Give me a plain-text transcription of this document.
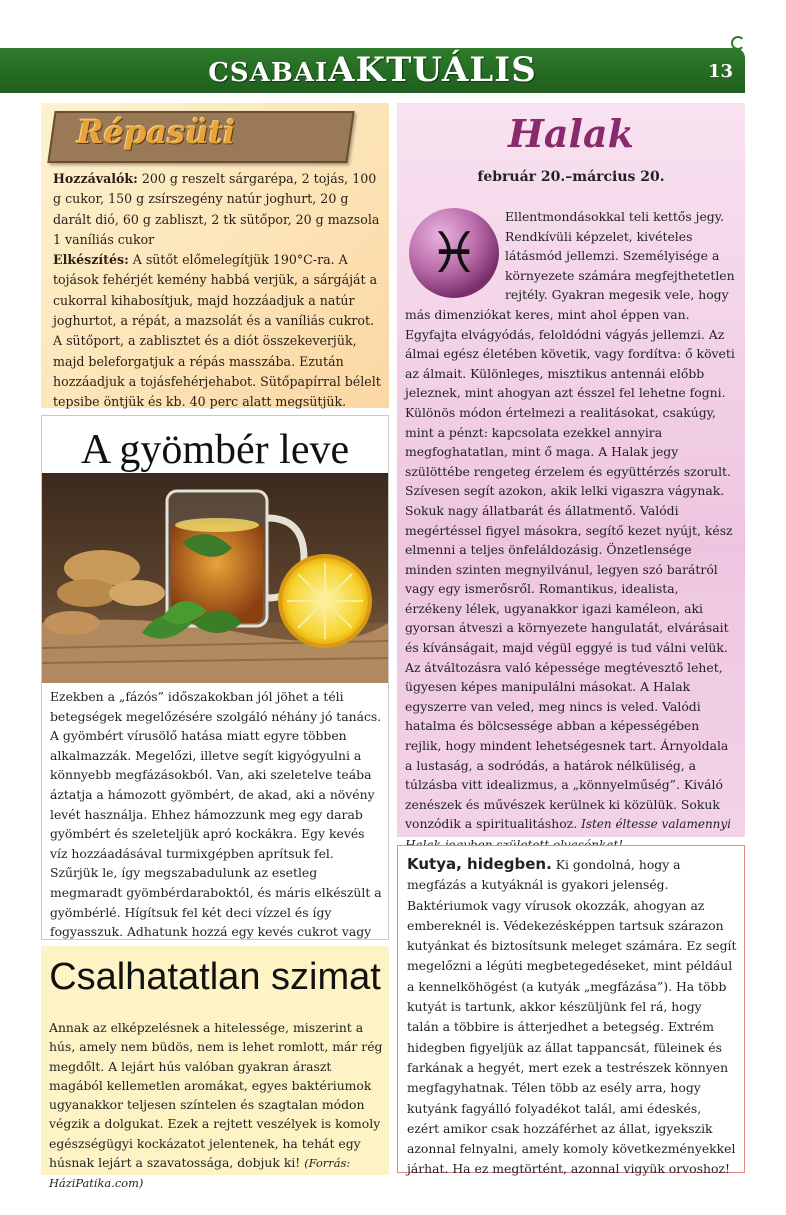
CSABAIAKTUÁLIS	13
Répasüti
Hozzávalók: 200 g reszelt sárgarépa, 2 tojás, 100 g cukor, 150 g zsírszegény natúr joghurt, 20 g darált dió, 60 g zabliszt, 2 tk sütőpor, 20 g mazsola
1 vaníliás cukor
Elkészítés: A sütőt előmelegítjük 190°C-ra. A tojások fehérjét kemény habbá verjük, a sárgáját a cukorral kihabosítjuk, majd hozzáadjuk a natúr joghurtot, a répát, a mazsolát és a vaníliás cukrot. A sütőport, a zablisztet és a diót összekeverjük, majd beleforgatjuk a répás masszába. Ezután hozzáadjuk a tojásfehérjehabot. Sütőpapírral bélelt tepsibe öntjük és kb. 40 perc alatt megsütjük.
A gyömbér leve
Ezekben a „fázós” időszakokban jól jöhet a téli betegségek megelőzésére szolgáló néhány jó tanács. A gyömbért vírusölő hatása miatt egyre többen alkalmazzák. Megelőzi, illetve segít kigyógyulni a könnyebb megfázásokból. Van, aki szeletelve teába áztatja a hámozott gyömbért, de akad, aki a növény levét használja. Ehhez hámozzunk meg egy darab gyömbért és szeleteljük apró kockákra. Egy kevés víz hozzáadásával turmixgépben aprítsuk fel. Szűrjük le, így megszabadulunk az esetleg megmaradt gyömbérdaraboktól, és máris elkészült a gyömbérlé. Hígítsuk fel két deci vízzel és így fogyasszuk. Adhatunk hozzá egy kevés cukrot vagy
Csalhatatlan szimat
Annak az elképzelésnek a hitelessége, miszerint a hús, amely nem büdös, nem is lehet romlott, már rég megdőlt. A lejárt hús valóban gyakran áraszt magából kellemetlen aromákat, egyes baktériumok ugyanakkor teljesen színtelen és szagtalan módon végzik a dolgukat. Ezek a rejtett veszélyek is komoly egészségügyi kockázatot jelentenek, ha tehát egy húsnak lejárt a szavatossága, dobjuk ki! (Forrás: HáziPatika.com)
Halak
február 20.–március 20.
♓
Ellentmondásokkal teli kettős jegy. Rendkívüli képzelet, kivételes látásmód jellemzi. Személyisége a környezete számára megfejthetetlen rejtély. Gyakran megesik vele, hogy más dimenziókat keres, mint ahol éppen van. Egyfajta elvágyódás, feloldódni vágyás jellemzi. Az álmai egész életében követik, vagy fordítva: ő követi az álmait. Különleges, misztikus antennái előbb jeleznek, mint ahogyan azt ésszel fel lehetne fogni. Különös módon értelmezi a realitásokat, csakúgy, mint a pénzt: kapcsolata ezekkel annyira megfoghatatlan, mint ő maga. A Halak jegy szülöttébe rengeteg érzelem és együttérzés szorult. Szívesen segít azokon, akik lelki vigaszra vágynak. Sokuk nagy állatbarát és állatmentő. Valódi megértéssel figyel másokra, segítő kezet nyújt, kész elmenni a teljes önfeláldozásig. Önzetlensége minden szinten megnyilvánul, legyen szó barátról vagy egy ismerősről. Romantikus, idealista, érzékeny lélek, ugyanakkor igazi kaméleon, aki gyorsan átveszi a környezete hangulatát, elvárásait és kívánságait, majd végül eggyé is tud válni velük. Az átváltozásra való képessége megtévesztő lehet, ügyesen képes manipulálni másokat. A Halak egyszerre van veled, meg nincs is veled. Valódi hatalma és bölcsessége abban a képességében rejlik, hogy mindent lehetségesnek tart. Árnyoldala a lustaság, a sodródás, a határok nélküliség, a túlzásba vitt idealizmus, a „könnyelműség”. Kiváló zenészek és művészek kerülnek ki közülük. Sokuk vonzódik a spiritualitáshoz. Isten éltesse valamennyi
Kutya, hidegben. Ki gondolná, hogy a megfázás a kutyáknál is gyakori jelenség. Baktériumok vagy vírusok okozzák, ahogyan az embereknél is. Védekezésképpen tartsuk szárazon kutyánkat és biztosítsunk meleget számára. Ez segít megelőzni a légúti megbetegedéseket, mint például a kennelköhögést (a kutyák „megfázása”). Ha több kutyát is tartunk, akkor készüljünk fel rá, hogy talán a többire is átterjedhet a betegség. Extrém hidegben figyeljük az állat tappancsát, füleinek és farkának a hegyét, mert ezek a testrészek könnyen megfagyhatnak. Télen több az esély arra, hogy kutyánk fagyálló folyadékot talál, ami édeskés, ezért amikor csak hozzáférhet az állat, igyekszik azonnal felnyalni, amely komoly következményekkel járhat. Ha ez megtörtént, azonnal vigyük orvoshoz!
